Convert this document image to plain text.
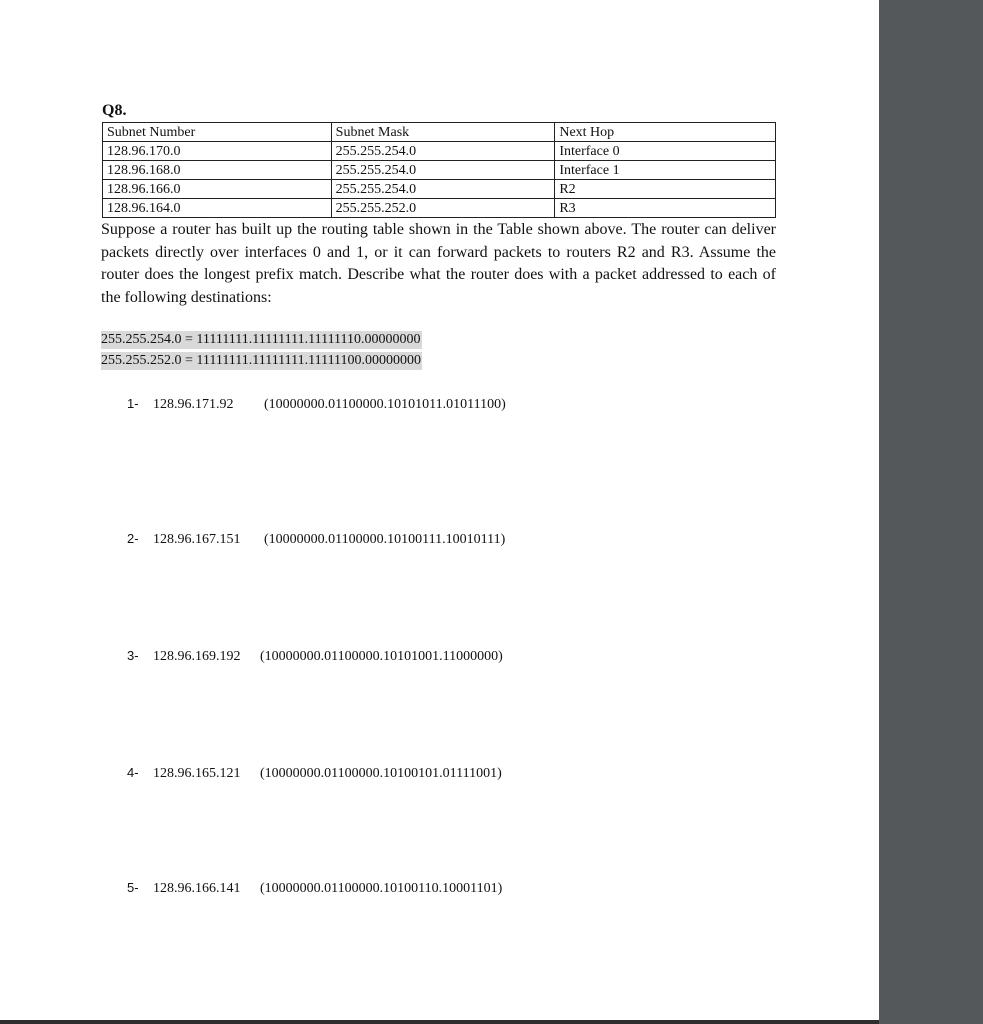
Q8.
Subnet Number	Subnet Mask	Next Hop
128.96.170.0	255.255.254.0	Interface 0
128.96.168.0	255.255.254.0	Interface 1
128.96.166.0	255.255.254.0	R2
128.96.164.0	255.255.252.0	R3
Suppose a router has built up the routing table shown in the Table shown above. The router can deliver packets directly over interfaces 0 and 1, or it can forward packets to routers R2 and R3. Assume the router does the longest prefix match. Describe what the router does with a packet addressed to each of the following destinations:
255.255.254.0 = 11111111.11111111.11111110.00000000
255.255.252.0 = 11111111.11111111.11111100.00000000
1- 128.96.171.92 (10000000.01100000.10101011.01011100)
2- 128.96.167.151 (10000000.01100000.10100111.10010111)
3- 128.96.169.192 (10000000.01100000.10101001.11000000)
4- 128.96.165.121 (10000000.01100000.10100101.01111001)
5- 128.96.166.141 (10000000.01100000.10100110.10001101)
